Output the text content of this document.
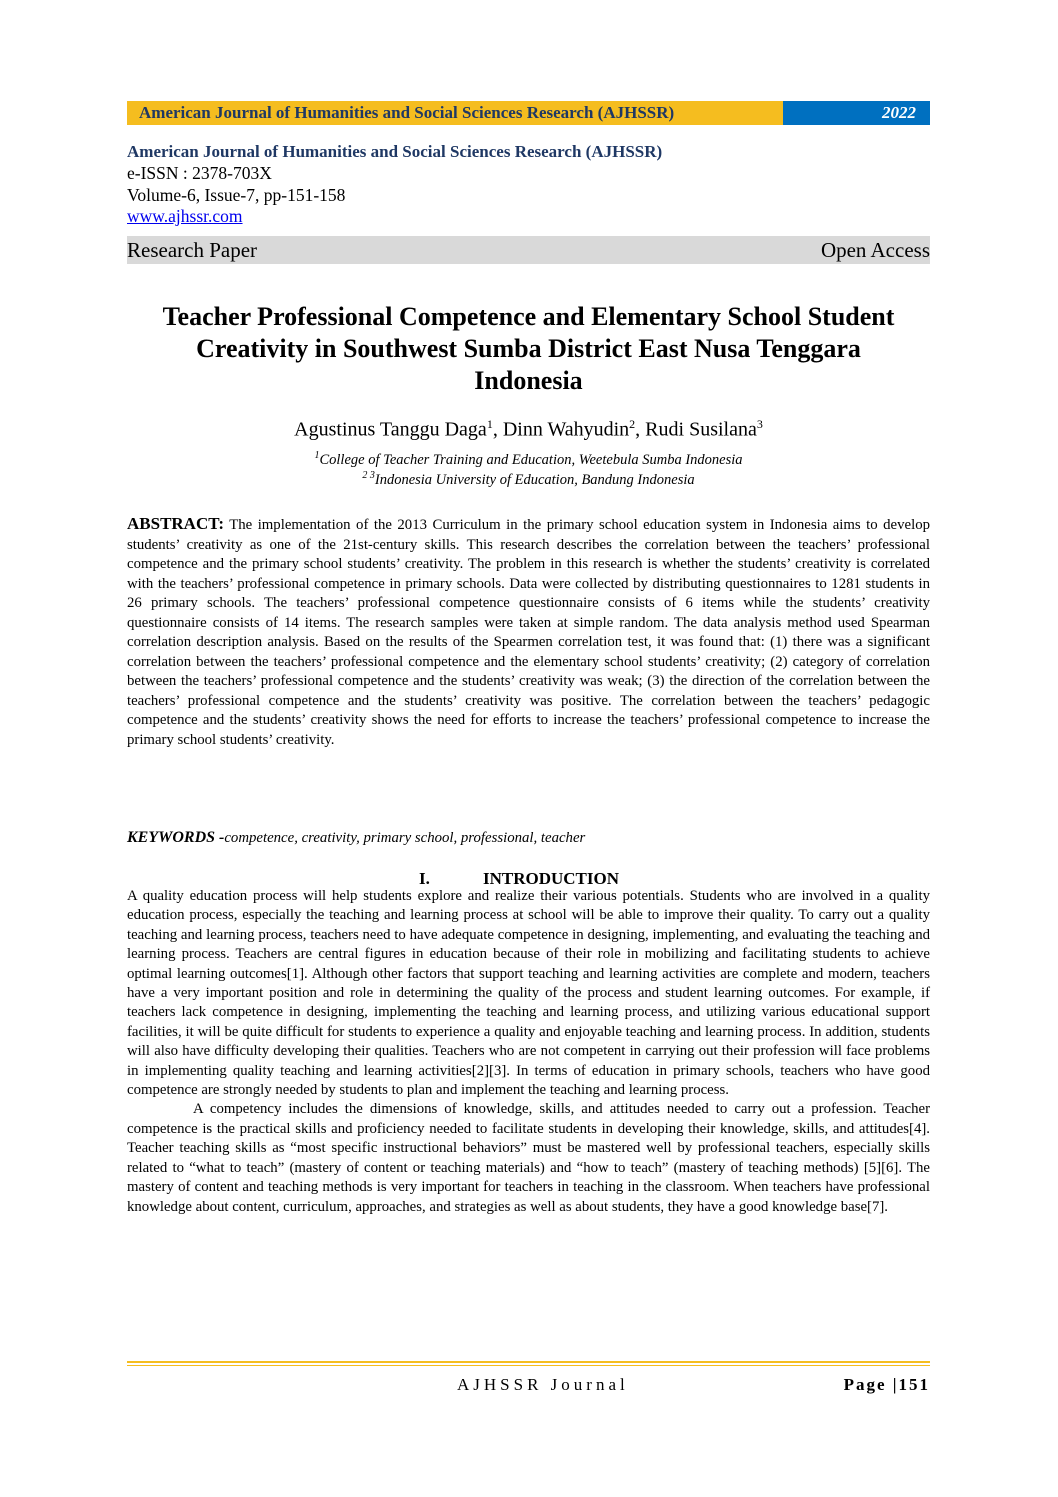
American Journal of Humanities and Social Sciences Research (AJHSSR)	2022
American Journal of Humanities and Social Sciences Research (AJHSSR)
e-ISSN : 2378-703X
Volume-6, Issue-7, pp-151-158
www.ajhssr.com
Research Paper	Open Access
Teacher Professional Competence and Elementary School Student
Creativity in Southwest Sumba District East Nusa Tenggara
Indonesia
Agustinus Tanggu Daga$^1$, Dinn Wahyudin$^2$, Rudi Susilana$^3$
$^1$College of Teacher Training and Education, Weetebula Sumba Indonesia
$^{2 3}$Indonesia University of Education, Bandung Indonesia
ABSTRACT: The implementation of the 2013 Curriculum in the primary school education system in Indonesia aims to develop students’ creativity as one of the 21st-century skills. This research describes the correlation between the teachers’ professional competence and the primary school students’ creativity. The problem in this research is whether the students’ creativity is correlated with the teachers’ professional competence in primary schools. Data were collected by distributing questionnaires to 1281 students in 26 primary schools. The teachers’ professional competence questionnaire consists of 6 items while the students’ creativity questionnaire consists of 14 items. The research samples were taken at simple random. The data analysis method used Spearman correlation description analysis. Based on the results of the Spearmen correlation test, it was found that: (1) there was a significant correlation between the teachers’ professional competence and the elementary school students’ creativity; (2) category of correlation between the teachers’ professional competence and the students’ creativity was weak; (3) the direction of the correlation between the teachers’ professional competence and the students’ creativity was positive. The correlation between the teachers’ pedagogic competence and the students’ creativity shows the need for efforts to increase the teachers’ professional competence to increase the primary school students’ creativity.
KEYWORDS -competence, creativity, primary school, professional, teacher
I.	INTRODUCTION

A quality education process will help students explore and realize their various potentials. Students who are involved in a quality education process, especially the teaching and learning process at school will be able to improve their quality. To carry out a quality teaching and learning process, teachers need to have adequate competence in designing, implementing, and evaluating the teaching and learning process. Teachers are central figures in education because of their role in mobilizing and facilitating students to achieve optimal learning outcomes[1]. Although other factors that support teaching and learning activities are complete and modern, teachers have a very important position and role in determining the quality of the process and student learning outcomes. For example, if teachers lack competence in designing, implementing the teaching and learning process, and utilizing various educational support facilities, it will be quite difficult for students to experience a quality and enjoyable teaching and learning process. In addition, students will also have difficulty developing their qualities. Teachers who are not competent in carrying out their profession will face problems in implementing quality teaching and learning activities[2][3]. In terms of education in primary schools, teachers who have good competence are strongly needed by students to plan and implement the teaching and learning process.

A competency includes the dimensions of knowledge, skills, and attitudes needed to carry out a profession. Teacher competence is the practical skills and proficiency needed to facilitate students in developing their knowledge, skills, and attitudes[4]. Teacher teaching skills as “most specific instructional behaviors” must be mastered well by professional teachers, especially skills related to “what to teach” (mastery of content or teaching materials) and “how to teach” (mastery of teaching methods) [5][6]. The mastery of content and teaching methods is very important for teachers in teaching in the classroom. When teachers have professional knowledge about content, curriculum, approaches, and strategies as well as about students, they have a good knowledge base[7].

AJHSSR Journal	Page |151
